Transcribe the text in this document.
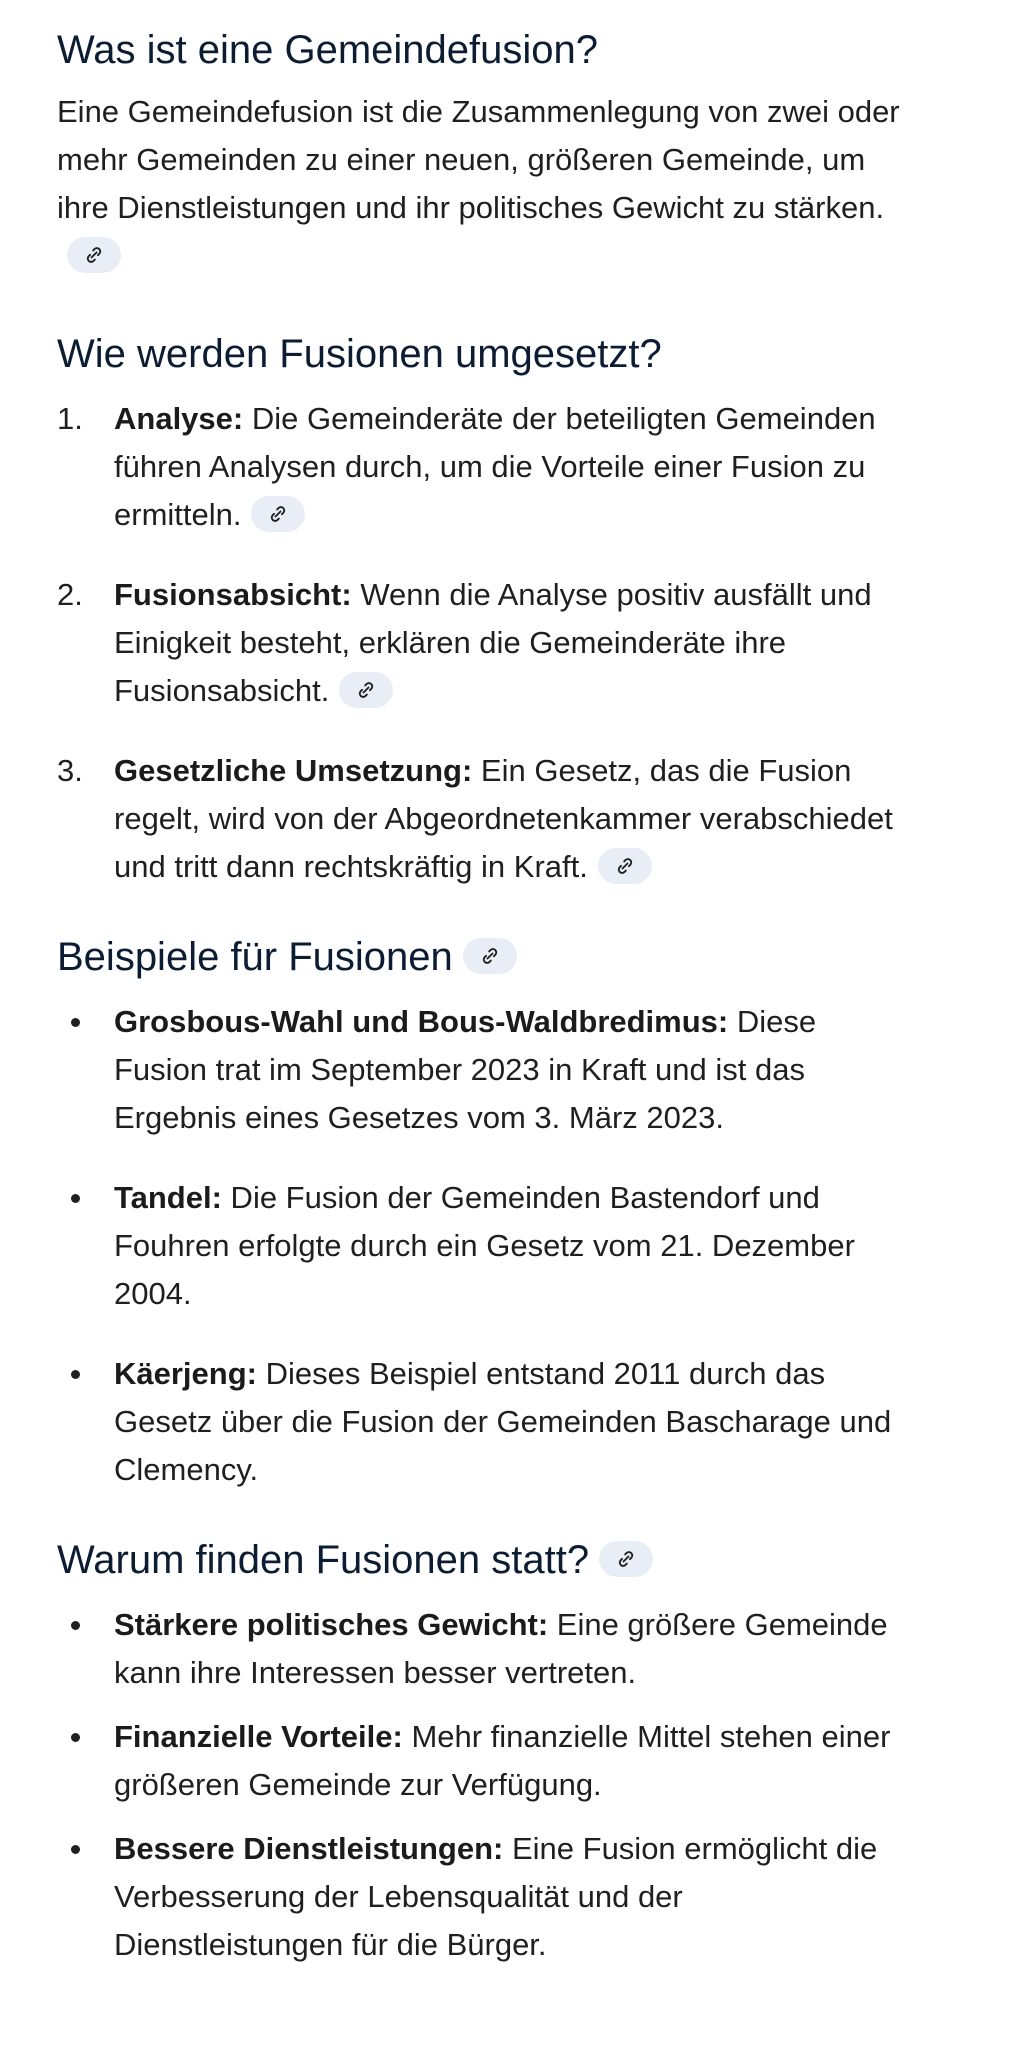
Was ist eine Gemeindefusion?

Eine Gemeindefusion ist die Zusammenlegung von zwei oder mehr Gemeinden zu einer neuen, größeren Gemeinde, um ihre Dienstleistungen und ihr politisches Gewicht zu stärken.

Wie werden Fusionen umgesetzt?
1. Analyse: Die Gemeinderäte der beteiligten Gemeinden führen Analysen durch, um die Vorteile einer Fusion zu ermitteln.
2. Fusionsabsicht: Wenn die Analyse positiv ausfällt und Einigkeit besteht, erklären die Gemeinderäte ihre Fusionsabsicht.
3. Gesetzliche Umsetzung: Ein Gesetz, das die Fusion regelt, wird von der Abgeordnetenkammer verabschiedet und tritt dann rechtskräftig in Kraft.
Beispiele für Fusionen
Grosbous-Wahl und Bous-Waldbredimus: Diese Fusion trat im September 2023 in Kraft und ist das Ergebnis eines Gesetzes vom 3. März 2023.
Tandel: Die Fusion der Gemeinden Bastendorf und Fouhren erfolgte durch ein Gesetz vom 21. Dezember 2004.
Käerjeng: Dieses Beispiel entstand 2011 durch das Gesetz über die Fusion der Gemeinden Bascharage und Clemency.
Warum finden Fusionen statt?
Stärkere politisches Gewicht: Eine größere Gemeinde kann ihre Interessen besser vertreten.
Finanzielle Vorteile: Mehr finanzielle Mittel stehen einer größeren Gemeinde zur Verfügung.
Bessere Dienstleistungen: Eine Fusion ermöglicht die Verbesserung der Lebensqualität und der Dienstleistungen für die Bürger.
